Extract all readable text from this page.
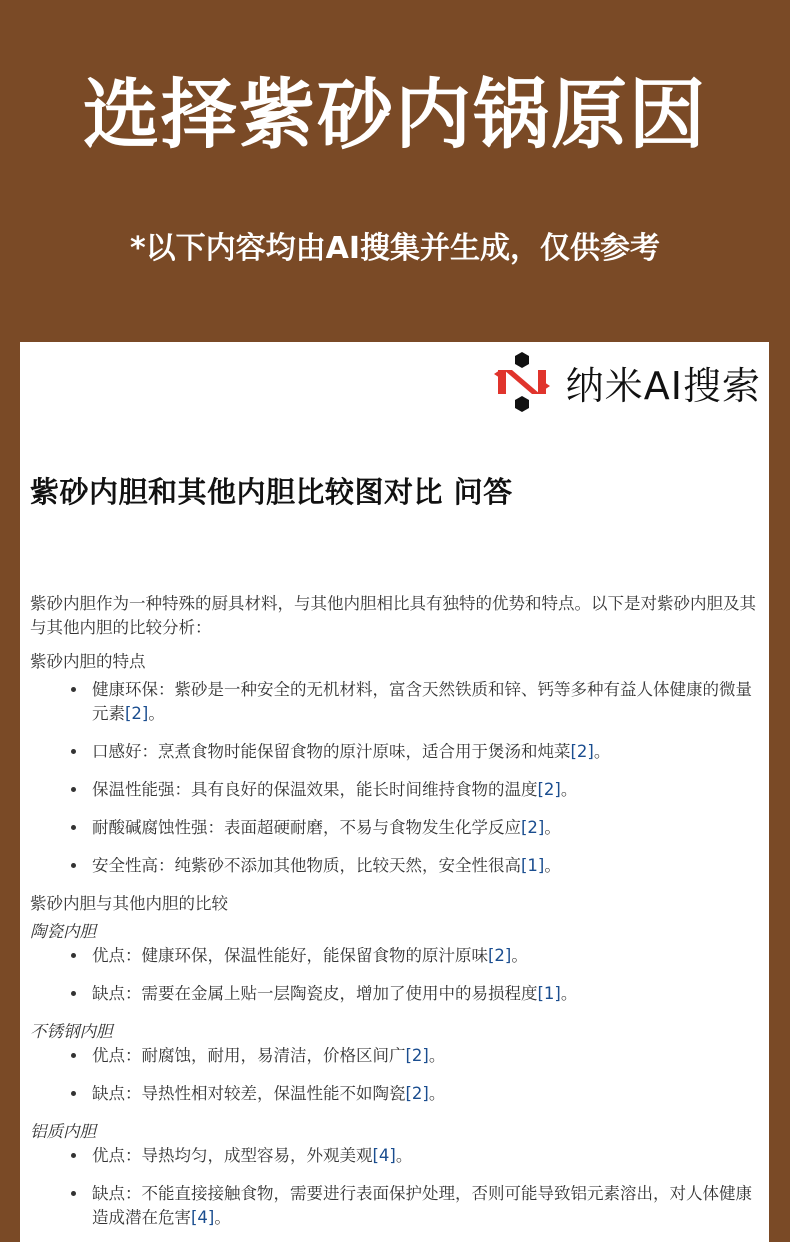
选择紫砂内锅原因

*以下内容均由AI搜集并生成，仅供参考

纳米AI搜索
紫砂内胆和其他内胆比较图对比 问答

紫砂内胆作为一种特殊的厨具材料，与其他内胆相比具有独特的优势和特点。以下是对紫砂内胆及其与其他内胆的比较分析：

紫砂内胆的特点

• 健康环保：紫砂是一种安全的无机材料，富含天然铁质和锌、钙等多种有益人体健康的微量元素[2]。
• 口感好：烹煮食物时能保留食物的原汁原味，适合用于煲汤和炖菜[2]。
• 保温性能强：具有良好的保温效果，能长时间维持食物的温度[2]。
• 耐酸碱腐蚀性强：表面超硬耐磨，不易与食物发生化学反应[2]。
• 安全性高：纯紫砂不添加其他物质，比较天然，安全性很高[1]。

紫砂内胆与其他内胆的比较

陶瓷内胆

• 优点：健康环保，保温性能好，能保留食物的原汁原味[2]。
• 缺点：需要在金属上贴一层陶瓷皮，增加了使用中的易损程度[1]。

不锈钢内胆

• 优点：耐腐蚀，耐用，易清洁，价格区间广[2]。
• 缺点：导热性相对较差，保温性能不如陶瓷[2]。

铝质内胆

• 优点：导热均匀，成型容易，外观美观[4]。
• 缺点：不能直接接触食物，需要进行表面保护处理，否则可能导致铝元素溶出，对人体健康造成潜在危害[4]。
